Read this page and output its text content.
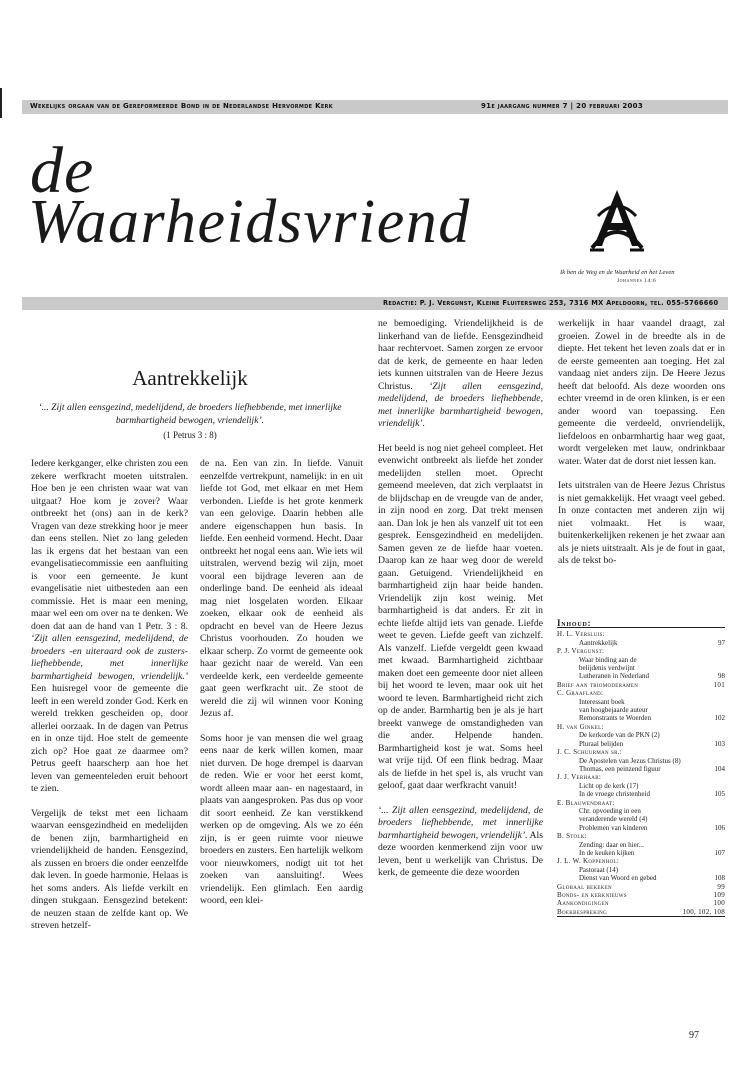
Wekelijks orgaan van de Gereformeerde Bond in de Nederlandse Hervormde Kerk	91e jaargang nummer 7 | 20 februari 2003
de
Waarheidsvriend
Ik ben de Weg en de Waarheid en het Leven
Johannes 14:6
Redactie: P. J. Vergunst, Kleine Fluitersweg 253, 7316 MX Apeldoorn, tel. 055-5766660
Aantrekkelijk
‘... Zijt allen eensgezind, medelijdend, de broeders liefhebbende, met innerlijke
barmhartigheid bewogen, vriendelijk’.
(1 Petrus 3 : 8)

Iedere kerkganger, elke christen zou een zekere werfkracht moeten uitstralen. Hoe ben je een christen waar wat van uitgaat? Hoe kom je zover? Waar ontbreekt het (ons) aan in de kerk? Vragen van deze strekking hoor je meer dan eens stellen. Niet zo lang geleden las ik ergens dat het bestaan van een evangelisatiecommissie een aanfluiting is voor een gemeente. Je kunt evangelisatie niet uitbesteden aan een commissie. Het is maar een mening, maar wel een om over na te denken. We doen dat aan de hand van 1 Petr. 3 : 8. ‘Zijt allen eensgezind, medelijdend, de broeders -en uiteraard ook de zusters- liefhebbende, met innerlijke barmhartigheid bewogen, vriendelijk.’ Een huisregel voor de gemeente die leeft in een wereld zonder God. Kerk en wereld trekken gescheiden op, door allerlei oorzaak. In de dagen van Petrus en in onze tijd. Hoe stelt de gemeente zich op? Hoe gaat ze daarmee om? Petrus geeft haarscherp aan hoe het leven van gemeenteleden eruit behoort te zien.

Vergelijk de tekst met een lichaam waarvan eensgezindheid en medelijden de benen zijn, barmhartigheid en vriendelijkheid de handen. Eensgezind, als zussen en broers die onder eenzelfde dak leven. In goede harmonie. Helaas is het soms anders. Als liefde verkilt en dingen stukgaan. Eensgezind betekent: de neuzen staan de zelfde kant op. We streven hetzelf-

de na. Een van zin. In liefde. Vanuit eenzelfde vertrekpunt, namelijk: in en uit liefde tot God, met elkaar en met Hem verbonden. Liefde is het grote kenmerk van een gelovige. Daarin hebben alle andere eigenschappen hun basis. In liefde. Een eenheid vormend. Hecht. Daar ontbreekt het nogal eens aan. Wie iets wil uitstralen, wervend bezig wil zijn, moet vooral een bijdrage leveren aan de onderlinge band. De eenheid als ideaal mag niet losgelaten worden. Elkaar zoeken, elkaar ook de eenheid als opdracht en bevel van de Heere Jezus Christus voorhouden. Zo houden we elkaar scherp. Zo vormt de gemeente ook haar gezicht naar de wereld. Van een verdeelde kerk, een verdeelde gemeente gaat geen werfkracht uit. Ze stoot de wereld die zij wil winnen voor Koning Jezus af.

Soms hoor je van mensen die wel graag eens naar de kerk willen komen, maar niet durven. De hoge drempel is daarvan de reden. Wie er voor het eerst komt, wordt alleen maar aan- en nagestaard, in plaats van aangesproken. Pas dus op voor dit soort eenheid. Ze kan verstikkend werken op de omgeving. Als we zo één zijn, is er geen ruimte voor nieuwe broeders en zusters. Een hartelijk welkom voor nieuwkomers, nodigt uit tot het zoeken van aansluiting!. Wees vriendelijk. Een glimlach. Een aardig woord, een klei-

ne bemoediging. Vriendelijkheid is de linkerhand van de liefde. Eensgezindheid haar rechtervoet. Samen zorgen ze ervoor dat de kerk, de gemeente en haar leden iets kunnen uitstralen van de Heere Jezus Christus. ‘Zijt allen eensgezind, medelijdend, de broeders liefhebbende, met innerlijke barmhartigheid bewogen, vriendelijk’.

Het beeld is nog niet geheel compleet. Het evenwicht ontbreekt als liefde het zonder medelijden stellen moet. Oprecht gemeend meeleven, dat zich verplaatst in de blijdschap en de vreugde van de ander, in zijn nood en zorg. Dat trekt mensen aan. Dan lok je hen als vanzelf uit tot een gesprek. Eensgezindheid en medelijden. Samen geven ze de liefde haar voeten. Daarop kan ze haar weg door de wereld gaan. Getuigend. Vriendelijkheid en barmhartigheid zijn haar beide handen. Vriendelijk zijn kost weinig. Met barmhartigheid is dat anders. Er zit in echte liefde altijd iets van genade. Liefde weet te geven. Liefde geeft van zichzelf. Als vanzelf. Liefde vergeldt geen kwaad met kwaad. Barmhartigheid zichtbaar maken doet een gemeente door niet alleen bij het woord te leven, maar ook uit het woord te leven. Barmhartigheid richt zich op de ander. Barmhartig ben je als je hart breekt vanwege de omstandigheden van die ander. Helpende handen. Barmhartigheid kost je wat. Soms heel wat vrije tijd. Of een flink bedrag. Maar als de liefde in het spel is, als vrucht van geloof, gaat daar werfkracht vanuit!

‘... Zijt allen eensgezind, medelijdend, de broeders liefhebbende, met innerlijke barmhartigheid bewogen, vriendelijk’. Als deze woorden kenmerkend zijn voor uw leven, bent u werkelijk van Christus. De kerk, de gemeente die deze woorden

werkelijk in haar vaandel draagt, zal groeien. Zowel in de breedte als in de diepte. Het tekent het leven zoals dat er in de eerste gemeenten aan toeging. Het zal vandaag niet anders zijn. De Heere Jezus heeft dat beloofd. Als deze woorden ons echter vreemd in de oren klinken, is er een ander woord van toepassing. Een gemeente die verdeeld, onvriendelijk, liefdeloos en onbarmhartig haar weg gaat, wordt vergeleken met lauw, ondrinkbaar water. Water dat de dorst niet lessen kan.

Iets uitstralen van de Heere Jezus Christus is niet gemakkelijk. Het vraagt veel gebed. In onze contacten met anderen zijn wij niet volmaakt. Het is waar, buitenkerkelijken rekenen je het zwaar aan als je niets uitstraalt. Als je de fout in gaat, als de tekst bo-

Inhoud:
H. L. Versluis:
Aantrekkelijk	97
P. J. Vergunst:
Waar binding aan de
belijdenis verdwijnt
Lutheranen in Nederland	98
Brief aan triomoderamen	101
C. Graafland:
Interessant boek
van hoogbejaarde auteur
Remonstrants te Woerden	102
H. van Ginkel:
De kerkorde van de PKN (2)
Pluraal belijden	103
J. C. Schuurman sr.:
De Apostelen van Jezus Christus (8)
Thomas, een peinzend figuur	104
J. J. Verhaar:
Licht op de kerk (17)
In de vroege christenheid	105
E. Blauwendraat:
Chr. opvoeding in een
veranderende wereld (4)
Problemen van kinderen	106
B. Stolk:
Zending: daar en hier...
In de keuken kijken	107
J. L. W. Koppenhol:
Pastoraat (14)
Dienst van Woord en gebed	108
Globaal bekeken	99
Bonds- en kerknieuws	109
Aankondigingen	100
Boekbespreking	100, 102, 108
97
